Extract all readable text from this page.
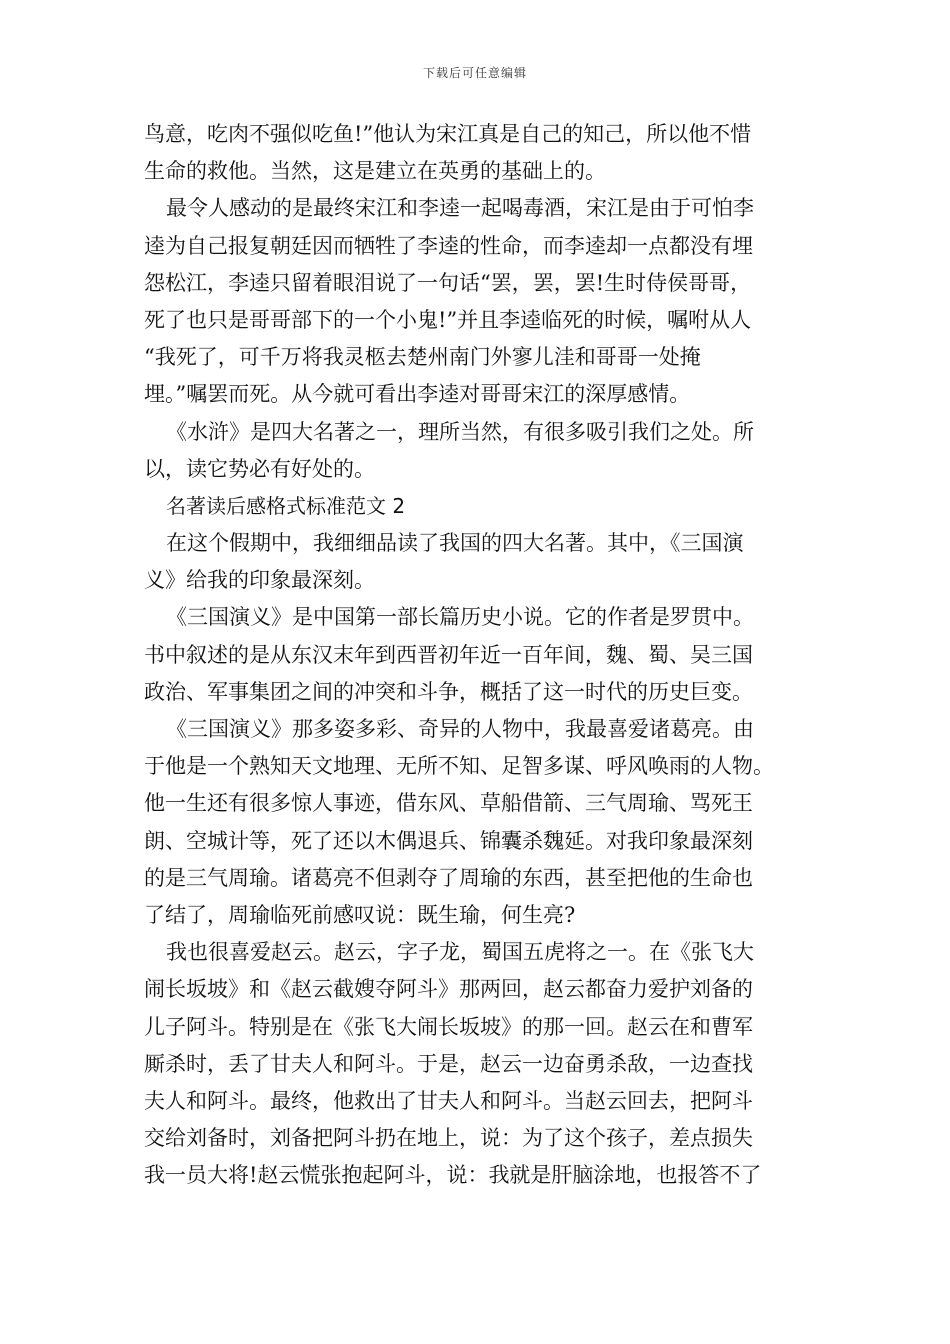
下载后可任意编辑
鸟意，吃肉不强似吃鱼!”他认为宋江真是自己的知己，所以他不惜
生命的救他。当然，这是建立在英勇的基础上的。
最令人感动的是最终宋江和李逵一起喝毒酒，宋江是由于可怕李
逵为自己报复朝廷因而牺牲了李逵的性命，而李逵却一点都没有埋
怨松江，李逵只留着眼泪说了一句话“罢，罢，罢!生时侍侯哥哥，
死了也只是哥哥部下的一个小鬼!”并且李逵临死的时候，嘱咐从人
“我死了，可千万将我灵柩去楚州南门外寥儿洼和哥哥一处掩
埋。”嘱罢而死。从今就可看出李逵对哥哥宋江的深厚感情。
《水浒》是四大名著之一，理所当然，有很多吸引我们之处。所
以，读它势必有好处的。
名著读后感格式标准范文 2
在这个假期中，我细细品读了我国的四大名著。其中，《三国演
义》给我的印象最深刻。
《三国演义》是中国第一部长篇历史小说。它的作者是罗贯中。
书中叙述的是从东汉末年到西晋初年近一百年间，魏、蜀、吴三国
政治、军事集团之间的冲突和斗争，概括了这一时代的历史巨变。
《三国演义》那多姿多彩、奇异的人物中，我最喜爱诸葛亮。由
于他是一个熟知天文地理、无所不知、足智多谋、呼风唤雨的人物。
他一生还有很多惊人事迹，借东风、草船借箭、三气周瑜、骂死王
朗、空城计等，死了还以木偶退兵、锦囊杀魏延。对我印象最深刻
的是三气周瑜。诸葛亮不但剥夺了周瑜的东西，甚至把他的生命也
了结了，周瑜临死前感叹说：既生瑜，何生亮?
我也很喜爱赵云。赵云，字子龙，蜀国五虎将之一。在《张飞大
闹长坂坡》和《赵云截嫂夺阿斗》那两回，赵云都奋力爱护刘备的
儿子阿斗。特别是在《张飞大闹长坂坡》的那一回。赵云在和曹军
厮杀时，丢了甘夫人和阿斗。于是，赵云一边奋勇杀敌，一边查找
夫人和阿斗。最终，他救出了甘夫人和阿斗。当赵云回去，把阿斗
交给刘备时，刘备把阿斗扔在地上，说：为了这个孩子，差点损失
我一员大将!赵云慌张抱起阿斗，说：我就是肝脑涂地，也报答不了
